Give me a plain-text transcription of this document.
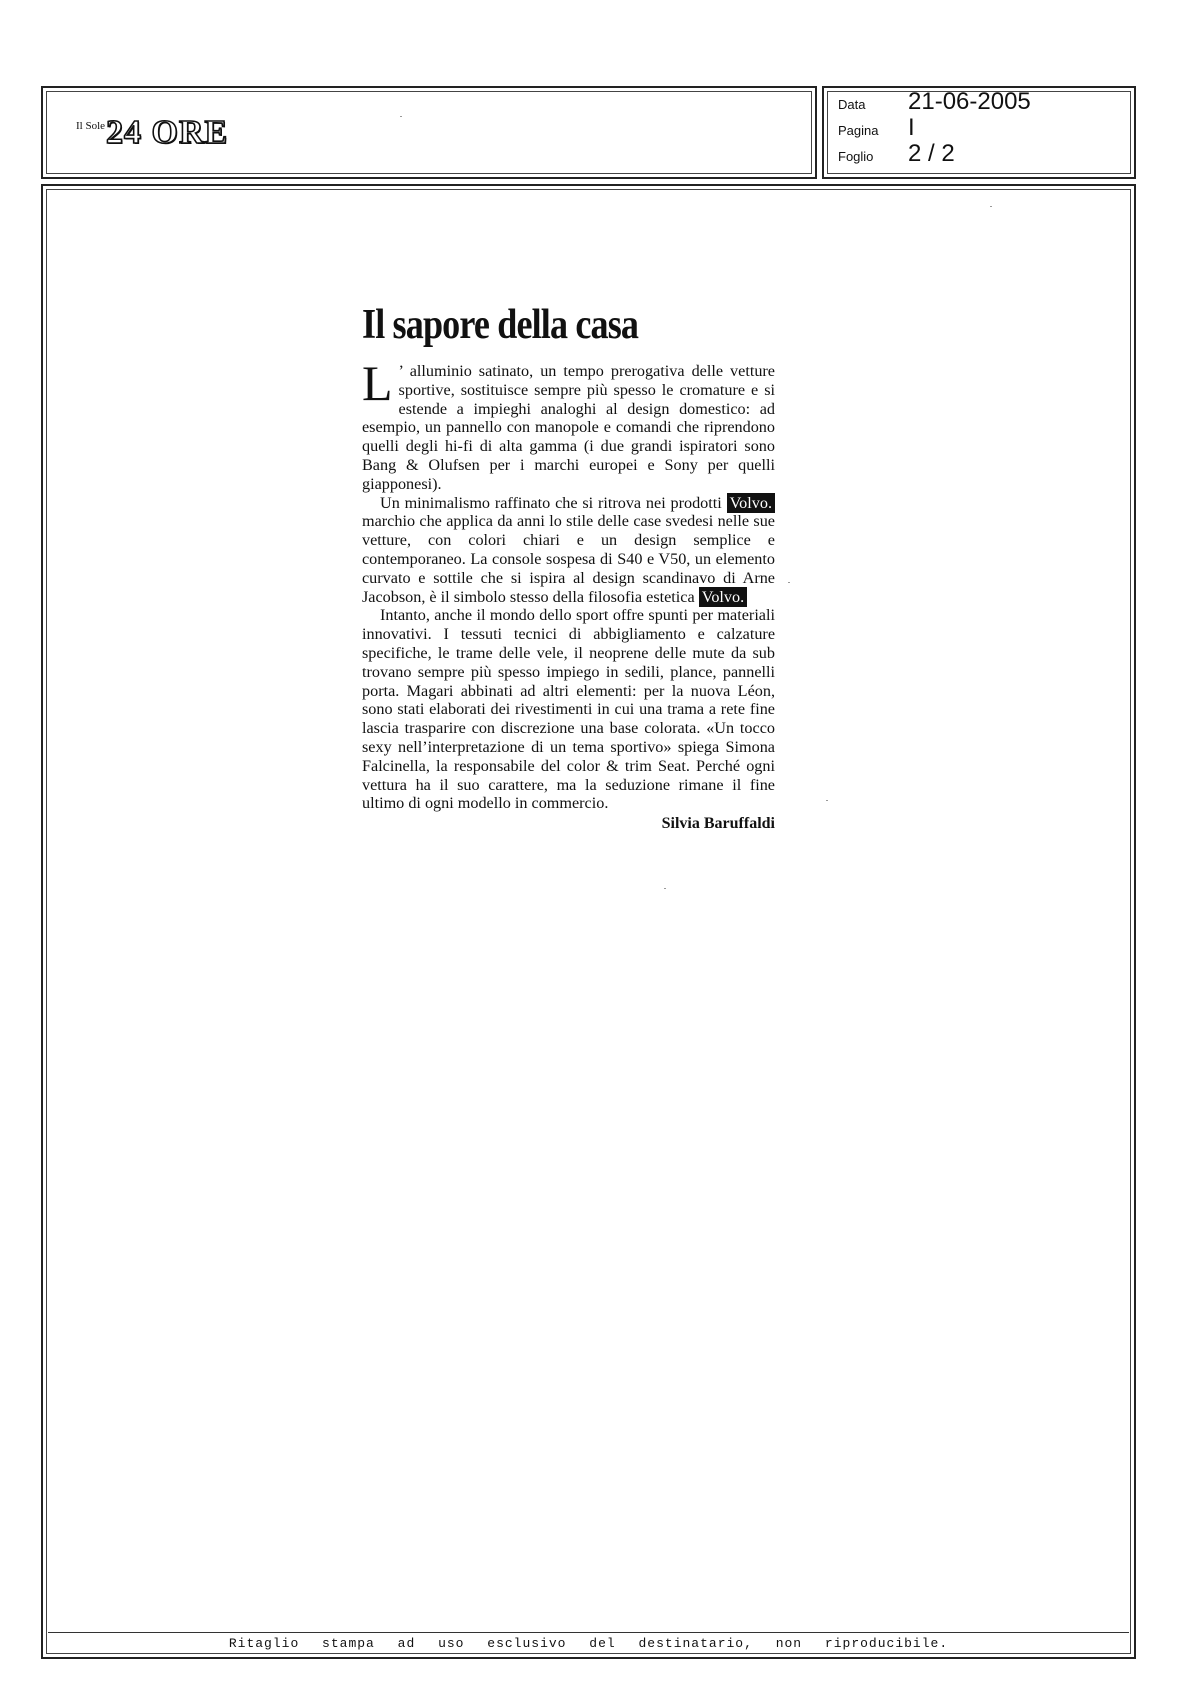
Il Sole 24 ORE
Data	21-06-2005
Pagina	I
Foglio	2 / 2
Il sapore della casa

L ’ alluminio satinato, un tempo prerogativa delle vetture sportive, sostituisce sempre più spesso le cromature e si estende a impieghi analoghi al design domestico: ad esempio, un pannello con manopole e comandi che riprendono quelli degli hi-fi di alta gamma (i due grandi ispiratori sono Bang & Olufsen per i marchi europei e Sony per quelli giapponesi).

Un minimalismo raffinato che si ritrova nei prodotti Volvo. marchio che applica da anni lo stile delle case svedesi nelle sue vetture, con colori chiari e un design semplice e contemporaneo. La console sospesa di S40 e V50, un elemento curvato e sottile che si ispira al design scandinavo di Arne Jacobson, è il simbolo stesso della filosofia estetica Volvo.

Intanto, anche il mondo dello sport offre spunti per materiali innovativi. I tessuti tecnici di abbigliamento e calzature specifiche, le trame delle vele, il neoprene delle mute da sub trovano sempre più spesso impiego in sedili, plance, pannelli porta. Magari abbinati ad altri elementi: per la nuova Léon, sono stati elaborati dei rivestimenti in cui una trama a rete fine lascia trasparire con discrezione una base colorata. «Un tocco sexy nell’interpretazione di un tema sportivo» spiega Simona Falcinella, la responsabile del color & trim Seat. Perché ogni vettura ha il suo carattere, ma la seduzione rimane il fine ultimo di ogni modello in commercio.

Silvia Baruffaldi
Ritaglio stampa ad uso esclusivo del destinatario, non riproducibile.
